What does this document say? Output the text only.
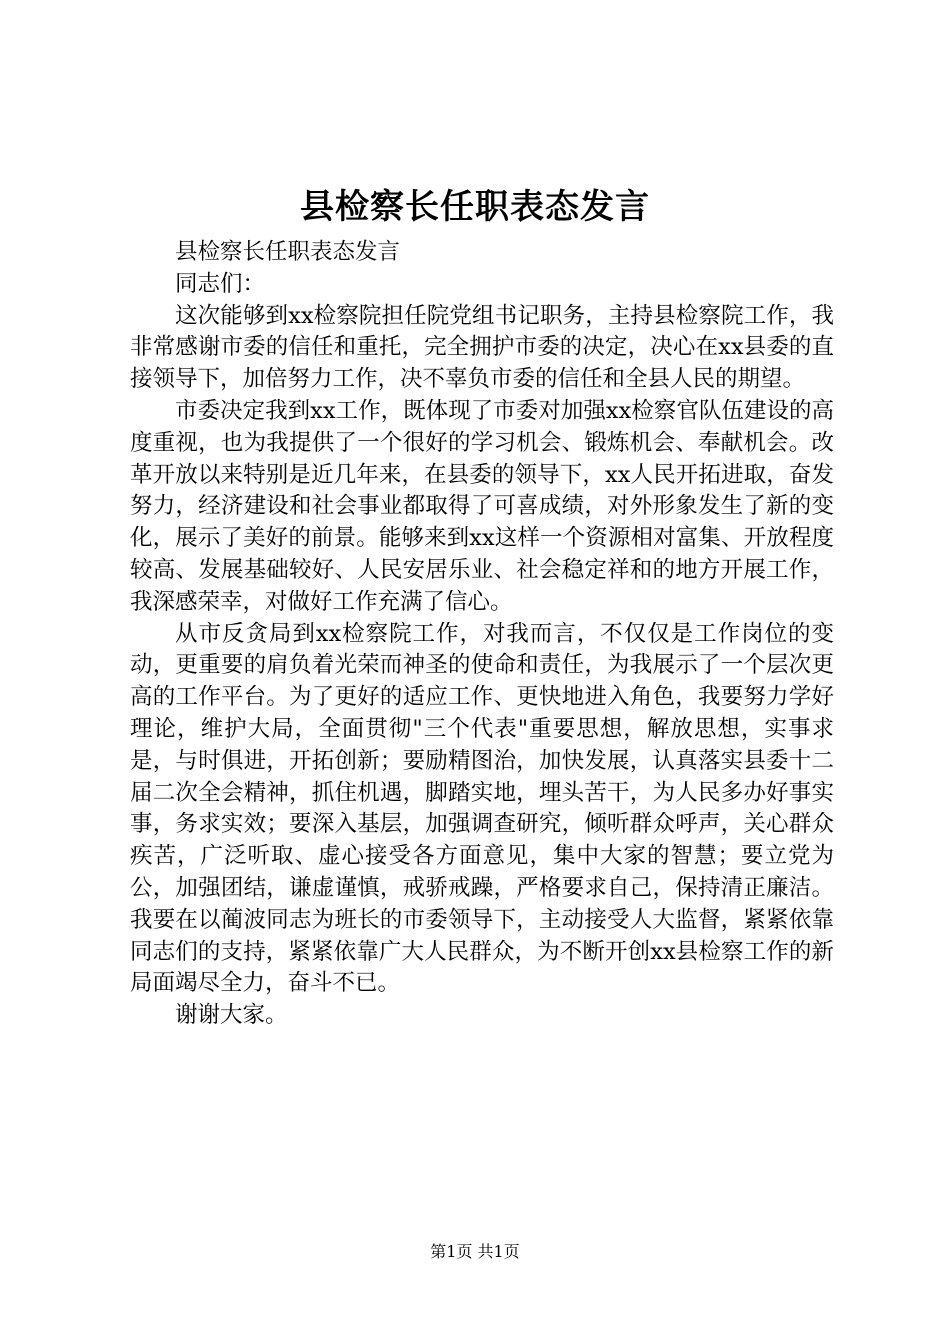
县检察长任职表态发言

县检察长任职表态发言

同志们：

这次能够到xx检察院担任院党组书记职务，主持县检察院工作，我非常感谢市委的信任和重托，完全拥护市委的决定，决心在xx县委的直接领导下，加倍努力工作，决不辜负市委的信任和全县人民的期望。

市委决定我到xx工作，既体现了市委对加强xx检察官队伍建设的高度重视，也为我提供了一个很好的学习机会、锻炼机会、奉献机会。改革开放以来特别是近几年来，在县委的领导下，xx人民开拓进取，奋发努力，经济建设和社会事业都取得了可喜成绩，对外形象发生了新的变化，展示了美好的前景。能够来到xx这样一个资源相对富集、开放程度较高、发展基础较好、人民安居乐业、社会稳定祥和的地方开展工作，我深感荣幸，对做好工作充满了信心。

从市反贪局到xx检察院工作，对我而言，不仅仅是工作岗位的变动，更重要的肩负着光荣而神圣的使命和责任，为我展示了一个层次更高的工作平台。为了更好的适应工作、更快地进入角色，我要努力学好理论，维护大局，全面贯彻"三个代表"重要思想，解放思想，实事求是，与时俱进，开拓创新；要励精图治，加快发展，认真落实县委十二届二次全会精神，抓住机遇，脚踏实地，埋头苦干，为人民多办好事实事，务求实效；要深入基层，加强调查研究，倾听群众呼声，关心群众疾苦，广泛听取、虚心接受各方面意见，集中大家的智慧；要立党为公，加强团结，谦虚谨慎，戒骄戒躁，严格要求自己，保持清正廉洁。我要在以蔺波同志为班长的市委领导下，主动接受人大监督，紧紧依靠同志们的支持，紧紧依靠广大人民群众，为不断开创xx县检察工作的新局面竭尽全力，奋斗不已。

谢谢大家。

第1页 共1页
